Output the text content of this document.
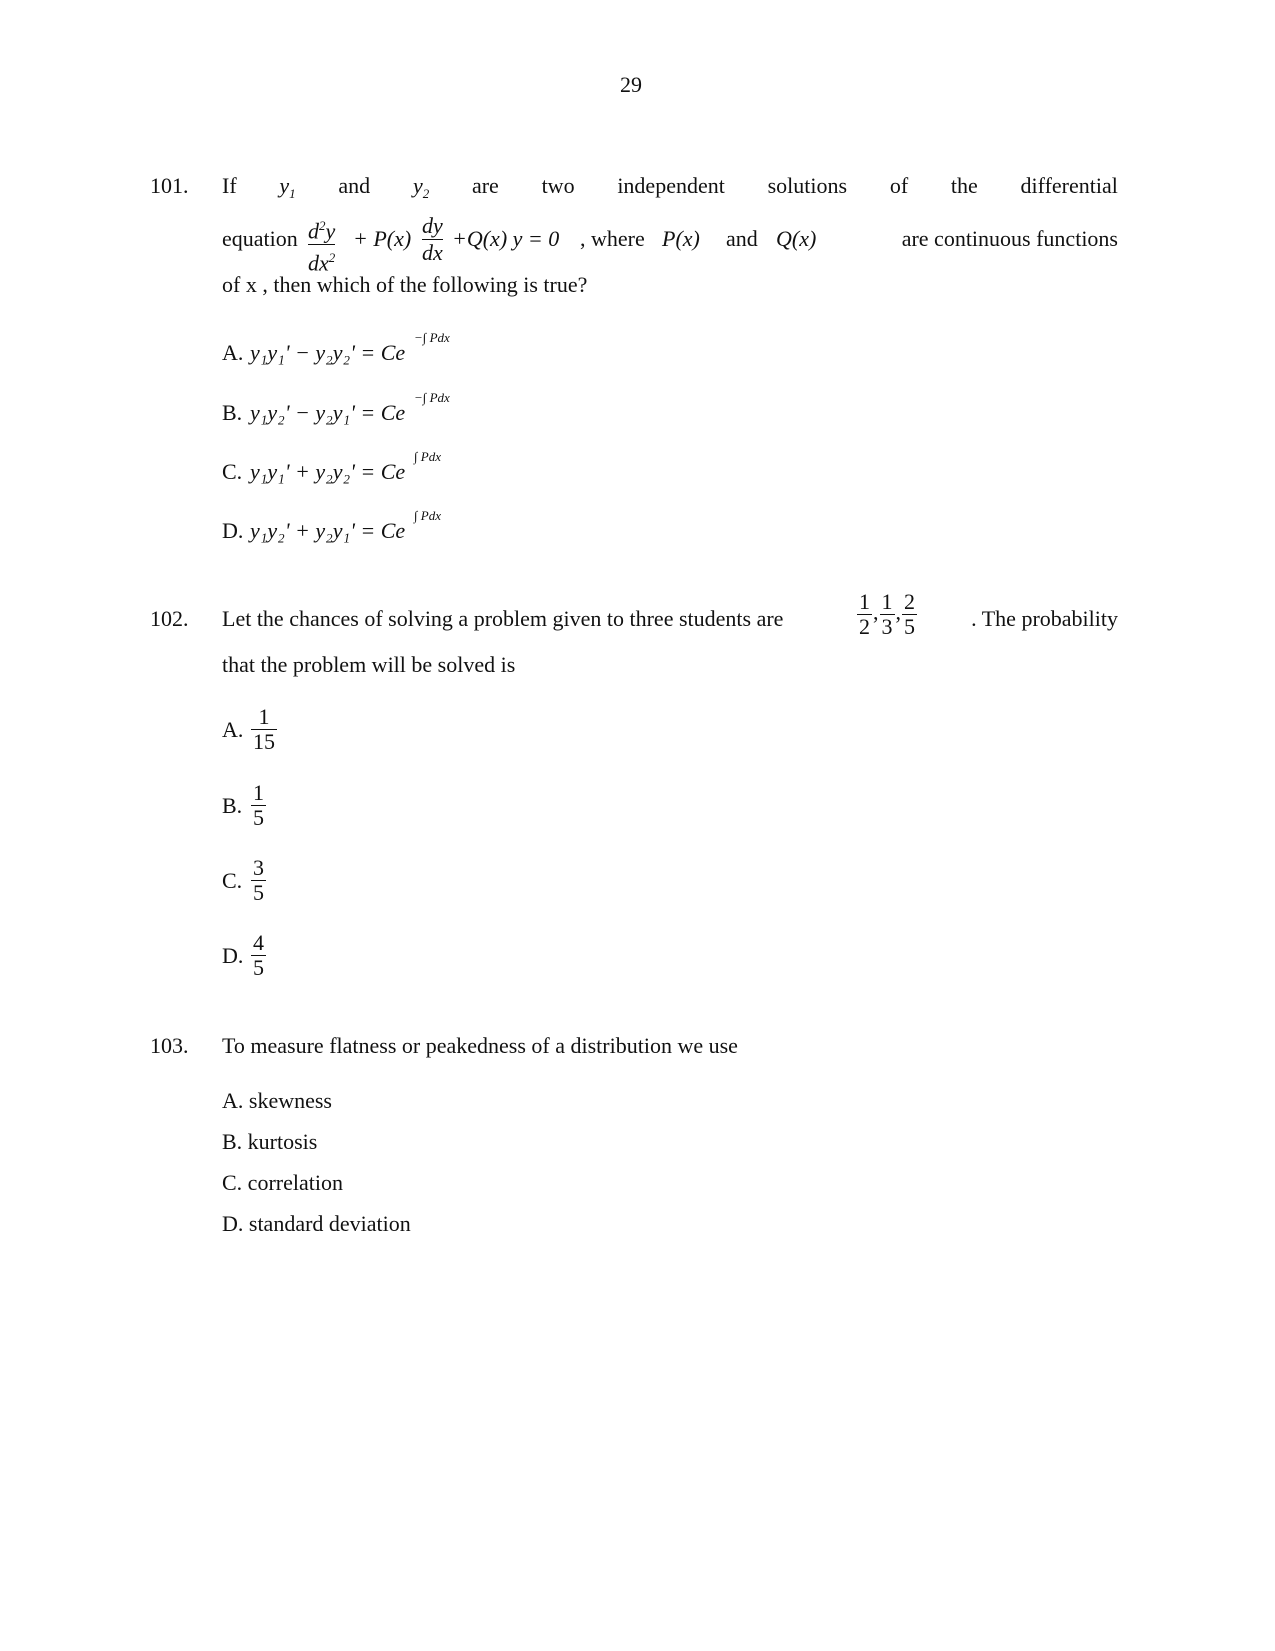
29
101. If $y_1$ and $y_2$ are two independent solutions of the differential
equation $d^2y$
$dx^2$
+ P(x)
dy
dx
+Q(x) y = 0 , where P(x) and Q(x)	are continuous functions
of x , then which of the following is true?
A. y₁y₁' − y₂y₂' = Ce
−∫ Pdx
B. y₁y₂' − y₂y₁' = Ce
−∫ Pdx
C. y₁y₁' + y₂y₂' = Ce
∫ Pdx
D. y₁y₂' + y₂y₁' = Ce
∫ Pdx
102. Let the chances of solving a problem given to three students are	$\frac{1}{2}$ , $\frac{1}{3}$ , $\frac{2}{5}$	. The probability
that the problem will be solved is
A. $\frac{1}{15}$
B. $\frac{1}{5}$
C. $\frac{3}{5}$
D. $\frac{4}{5}$
103. To measure flatness or peakedness of a distribution we use
A. skewness
B. kurtosis
C. correlation
D. standard deviation
